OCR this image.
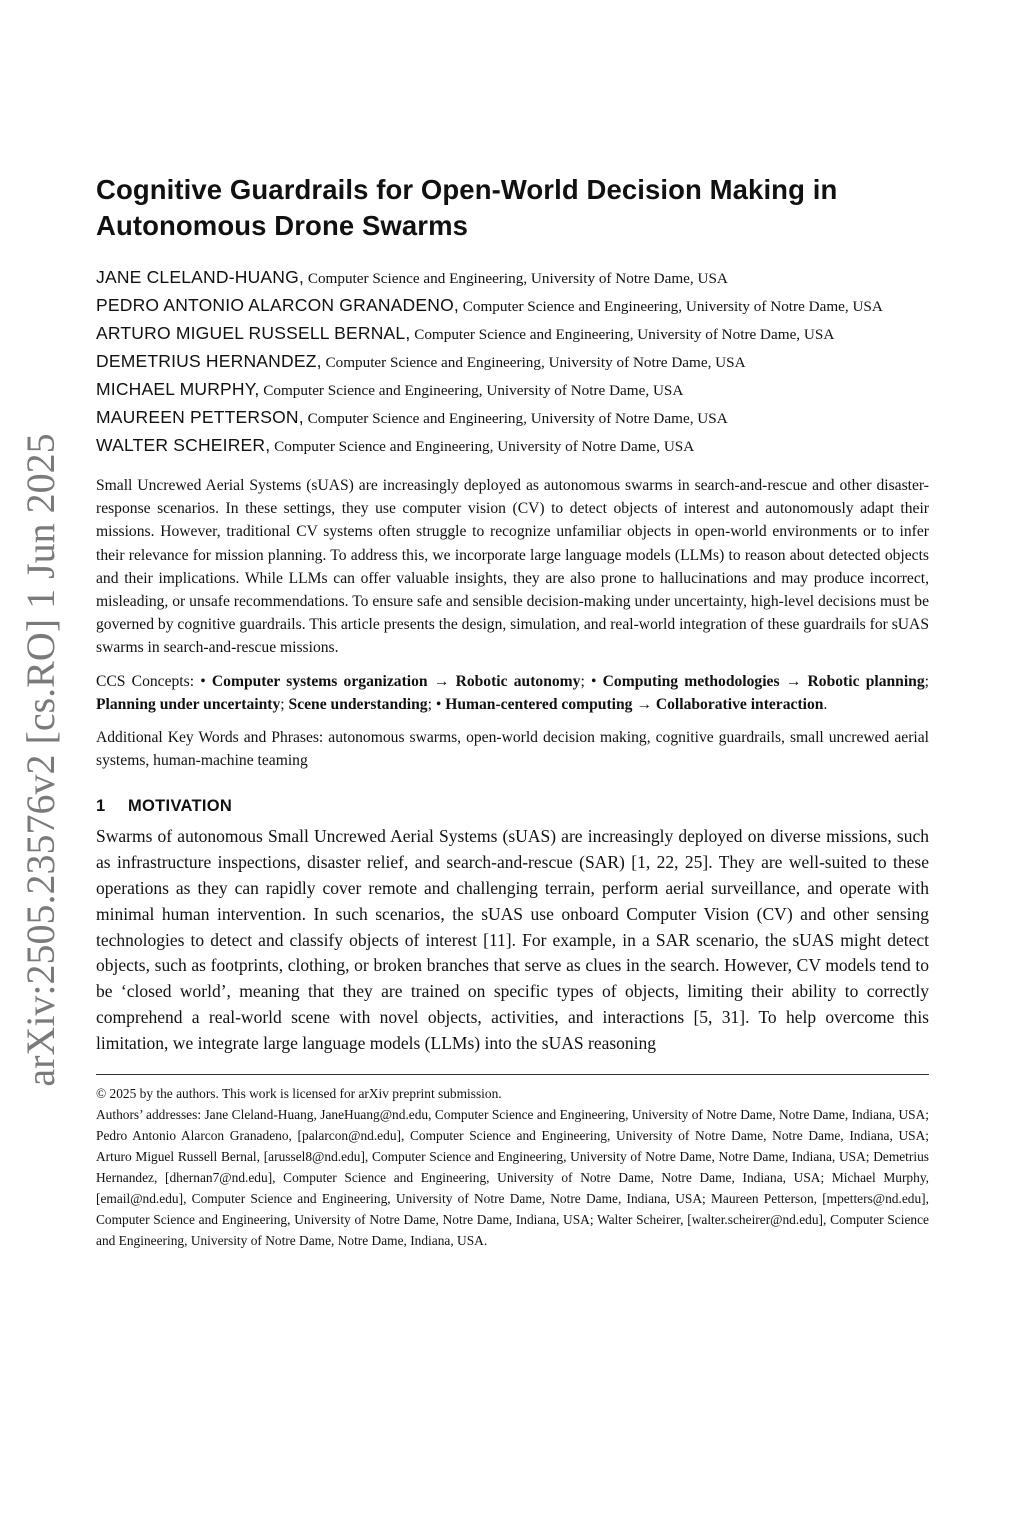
arXiv:2505.23576v2 [cs.RO] 1 Jun 2025
Cognitive Guardrails for Open-World Decision Making in Autonomous Drone Swarms

JANE CLELAND-HUANG, Computer Science and Engineering, University of Notre Dame, USA

PEDRO ANTONIO ALARCON GRANADENO, Computer Science and Engineering, University of Notre Dame, USA

ARTURO MIGUEL RUSSELL BERNAL, Computer Science and Engineering, University of Notre Dame, USA

DEMETRIUS HERNANDEZ, Computer Science and Engineering, University of Notre Dame, USA

MICHAEL MURPHY, Computer Science and Engineering, University of Notre Dame, USA

MAUREEN PETTERSON, Computer Science and Engineering, University of Notre Dame, USA

WALTER SCHEIRER, Computer Science and Engineering, University of Notre Dame, USA

Small Uncrewed Aerial Systems (sUAS) are increasingly deployed as autonomous swarms in search-and-rescue and other disaster-response scenarios. In these settings, they use computer vision (CV) to detect objects of interest and autonomously adapt their missions. However, traditional CV systems often struggle to recognize unfamiliar objects in open-world environments or to infer their relevance for mission planning. To address this, we incorporate large language models (LLMs) to reason about detected objects and their implications. While LLMs can offer valuable insights, they are also prone to hallucinations and may produce incorrect, misleading, or unsafe recommendations. To ensure safe and sensible decision-making under uncertainty, high-level decisions must be governed by cognitive guardrails. This article presents the design, simulation, and real-world integration of these guardrails for sUAS swarms in search-and-rescue missions.

CCS Concepts: • Computer systems organization → Robotic autonomy; • Computing methodologies → Robotic planning; Planning under uncertainty; Scene understanding; • Human-centered computing → Collaborative interaction.

Additional Key Words and Phrases: autonomous swarms, open-world decision making, cognitive guardrails, small uncrewed aerial systems, human-machine teaming

1 MOTIVATION

Swarms of autonomous Small Uncrewed Aerial Systems (sUAS) are increasingly deployed on diverse missions, such as infrastructure inspections, disaster relief, and search-and-rescue (SAR) [1, 22, 25]. They are well-suited to these operations as they can rapidly cover remote and challenging terrain, perform aerial surveillance, and operate with minimal human intervention. In such scenarios, the sUAS use onboard Computer Vision (CV) and other sensing technologies to detect and classify objects of interest [11]. For example, in a SAR scenario, the sUAS might detect objects, such as footprints, clothing, or broken branches that serve as clues in the search. However, CV models tend to be ‘closed world’, meaning that they are trained on specific types of objects, limiting their ability to correctly comprehend a real-world scene with novel objects, activities, and interactions [5, 31]. To help overcome this limitation, we integrate large language models (LLMs) into the sUAS reasoning

© 2025 by the authors. This work is licensed for arXiv preprint submission.

Authors’ addresses: Jane Cleland-Huang, JaneHuang@nd.edu, Computer Science and Engineering, University of Notre Dame, Notre Dame, Indiana, USA; Pedro Antonio Alarcon Granadeno, [palarcon@nd.edu], Computer Science and Engineering, University of Notre Dame, Notre Dame, Indiana, USA; Arturo Miguel Russell Bernal, [arussel8@nd.edu], Computer Science and Engineering, University of Notre Dame, Notre Dame, Indiana, USA; Demetrius Hernandez, [dhernan7@nd.edu], Computer Science and Engineering, University of Notre Dame, Notre Dame, Indiana, USA; Michael Murphy, [email@nd.edu], Computer Science and Engineering, University of Notre Dame, Notre Dame, Indiana, USA; Maureen Petterson, [mpetters@nd.edu], Computer Science and Engineering, University of Notre Dame, Notre Dame, Indiana, USA; Walter Scheirer, [walter.scheirer@nd.edu], Computer Science and Engineering, University of Notre Dame, Notre Dame, Indiana, USA.
